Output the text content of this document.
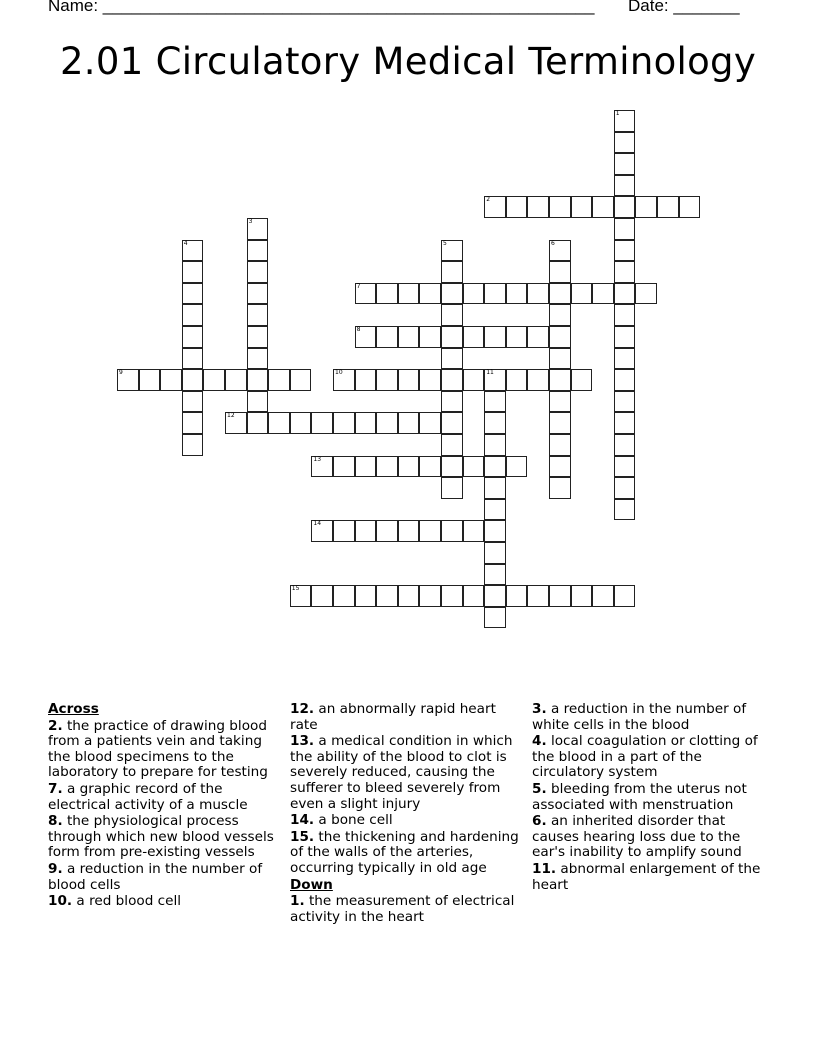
Name: ____________________________________________________ Date: _______
2.01 Circulatory Medical Terminology
1
2
3
4	5	6
7
8
9	10	11
12
13
14
15
Across
2. the practice of drawing blood from a patients vein and taking the blood specimens to the laboratory to prepare for testing
7. a graphic record of the electrical activity of a muscle
8. the physiological process through which new blood vessels form from pre-existing vessels
9. a reduction in the number of blood cells
10. a red blood cell
12. an abnormally rapid heart rate
13. a medical condition in which the ability of the blood to clot is severely reduced, causing the sufferer to bleed severely from even a slight injury
14. a bone cell
15. the thickening and hardening of the walls of the arteries, occurring typically in old age
Down
1. the measurement of electrical activity in the heart
3. a reduction in the number of white cells in the blood
4. local coagulation or clotting of the blood in a part of the circulatory system
5. bleeding from the uterus not associated with menstruation
6. an inherited disorder that causes hearing loss due to the ear's inability to amplify sound
11. abnormal enlargement of the heart
